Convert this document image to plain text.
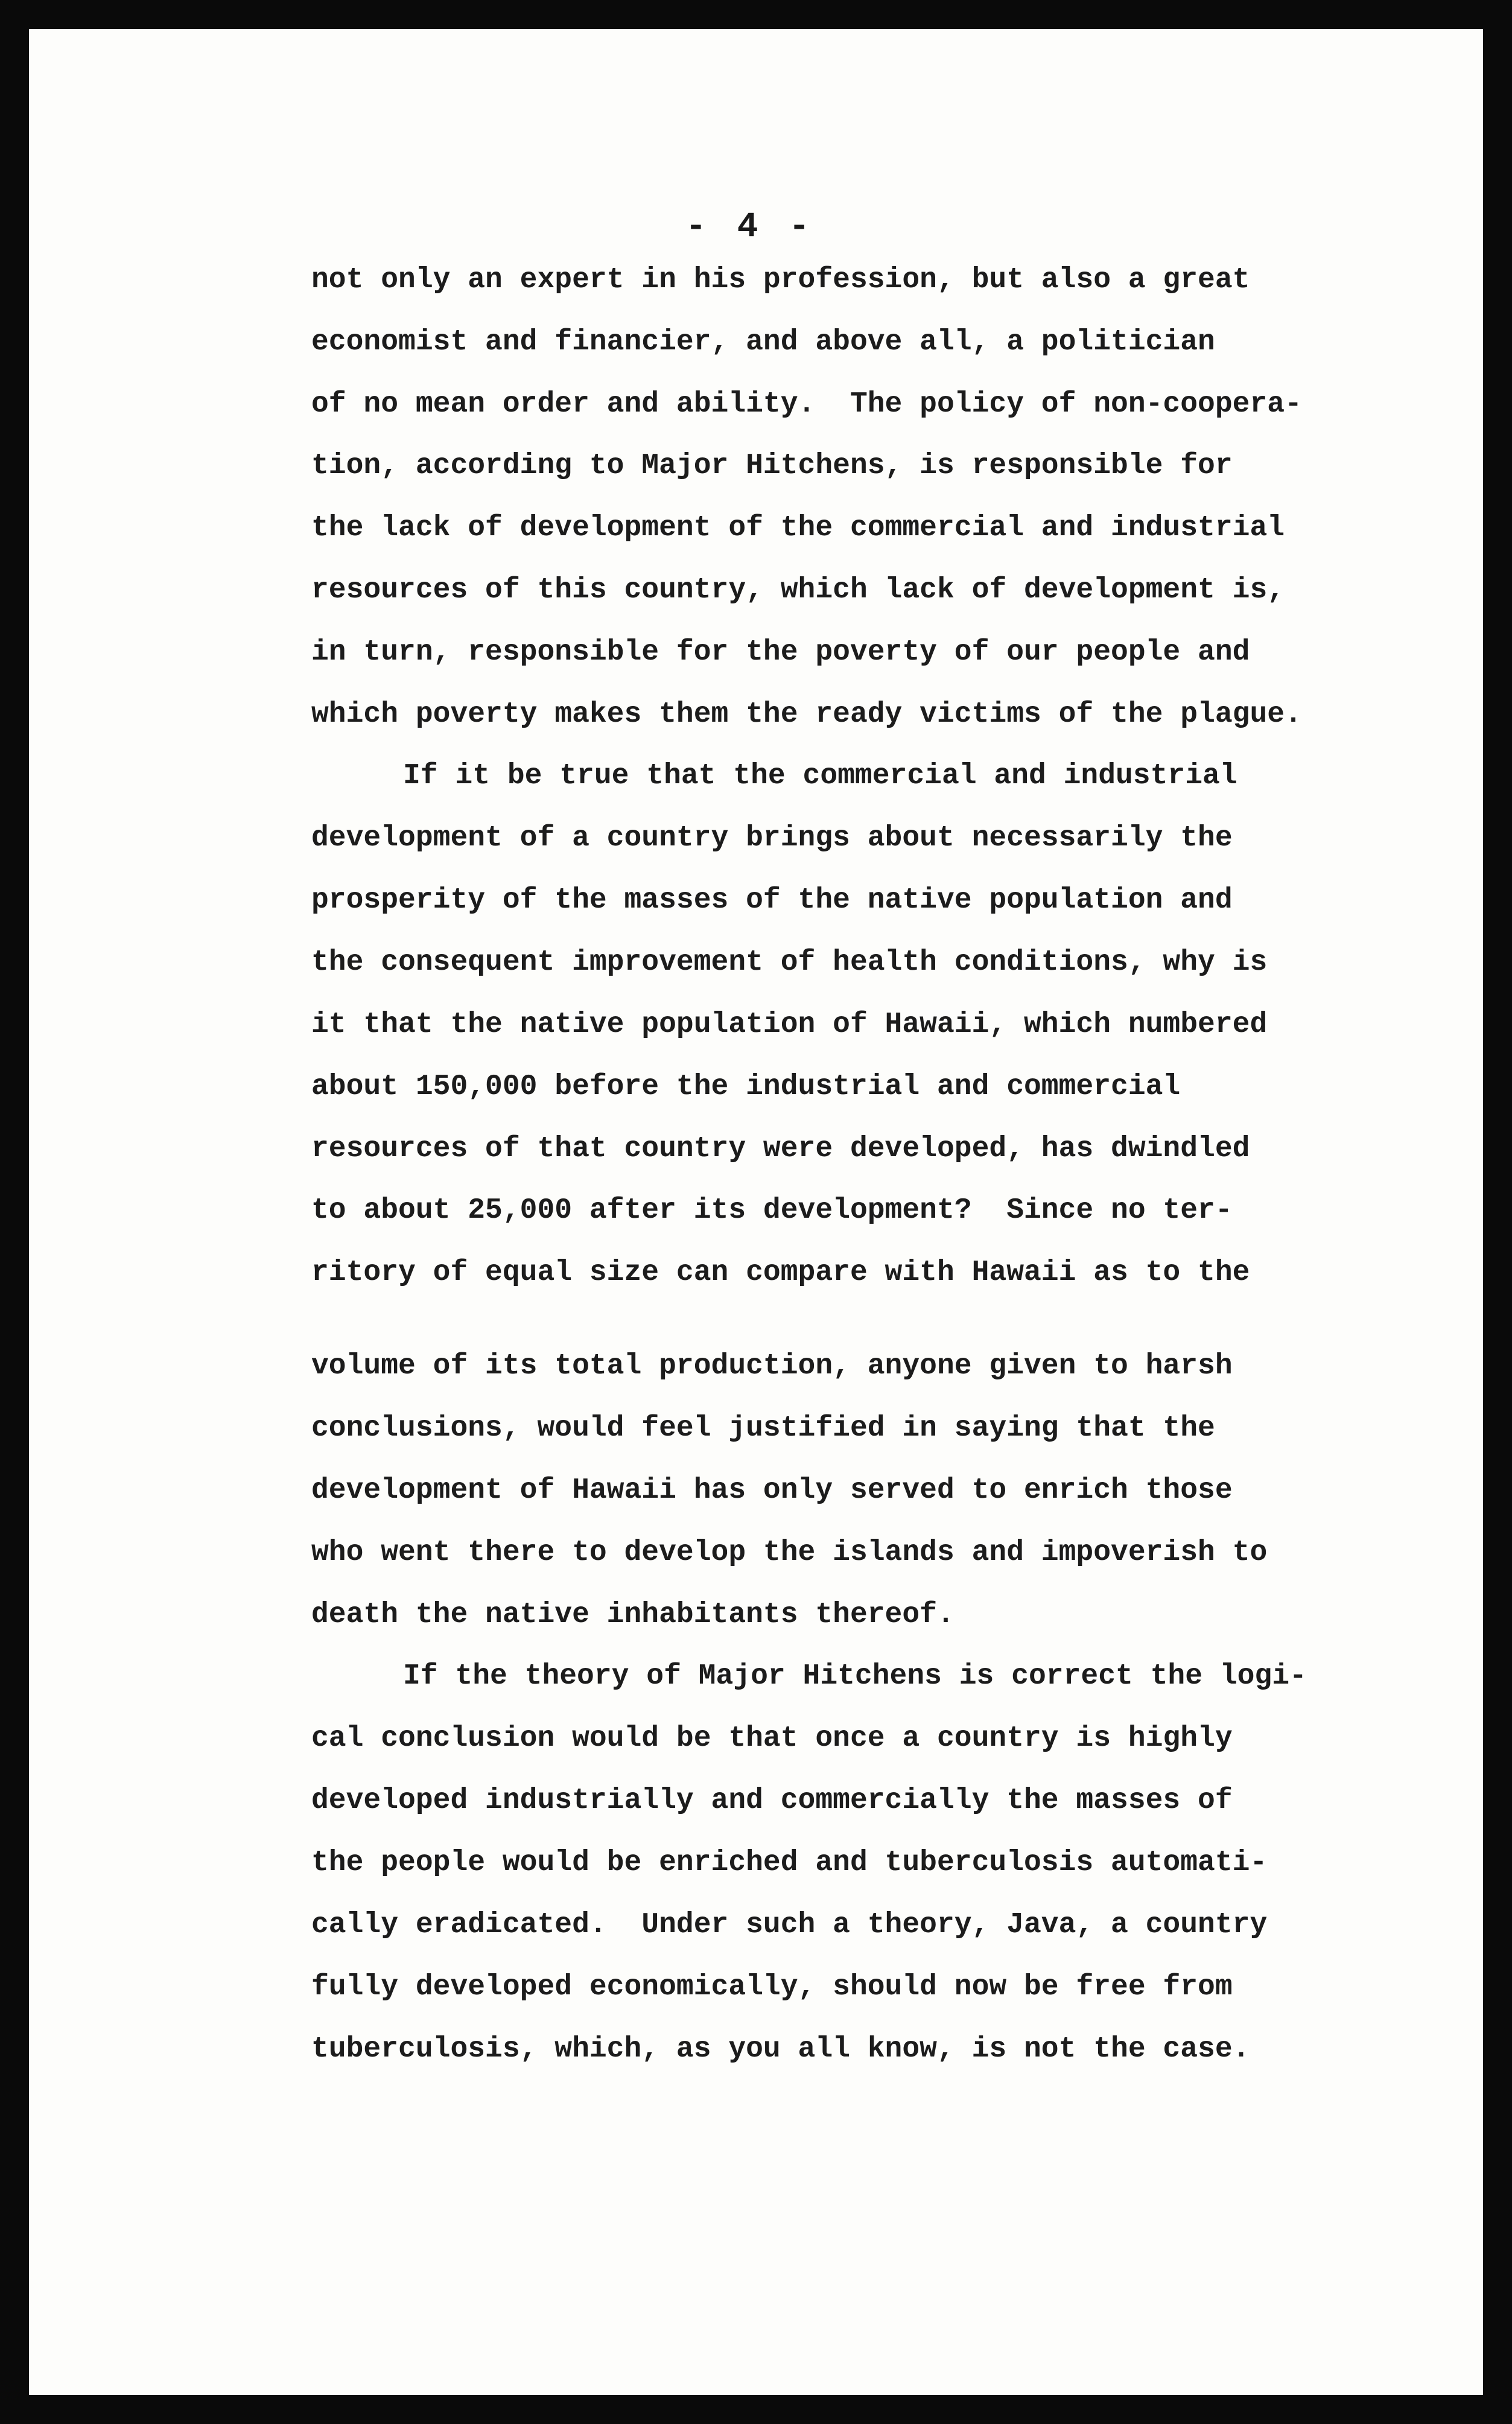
- 4 -
not only an expert in his profession, but also a great
economist and financier, and above all, a politician
of no mean order and ability.  The policy of non-coopera-
tion, according to Major Hitchens, is responsible for
the lack of development of the commercial and industrial
resources of this country, which lack of development is,
in turn, responsible for the poverty of our people and
which poverty makes them the ready victims of the plague.
If it be true that the commercial and industrial
development of a country brings about necessarily the
prosperity of the masses of the native population and
the consequent improvement of health conditions, why is
it that the native population of Hawaii, which numbered
about 150,000 before the industrial and commercial
resources of that country were developed, has dwindled
to about 25,000 after its development?  Since no ter-
ritory of equal size can compare with Hawaii as to the
volume of its total production, anyone given to harsh
conclusions, would feel justified in saying that the
development of Hawaii has only served to enrich those
who went there to develop the islands and impoverish to
death the native inhabitants thereof.
If the theory of Major Hitchens is correct the logi-
cal conclusion would be that once a country is highly
developed industrially and commercially the masses of
the people would be enriched and tuberculosis automati-
cally eradicated.  Under such a theory, Java, a country
fully developed economically, should now be free from
tuberculosis, which, as you all know, is not the case.
